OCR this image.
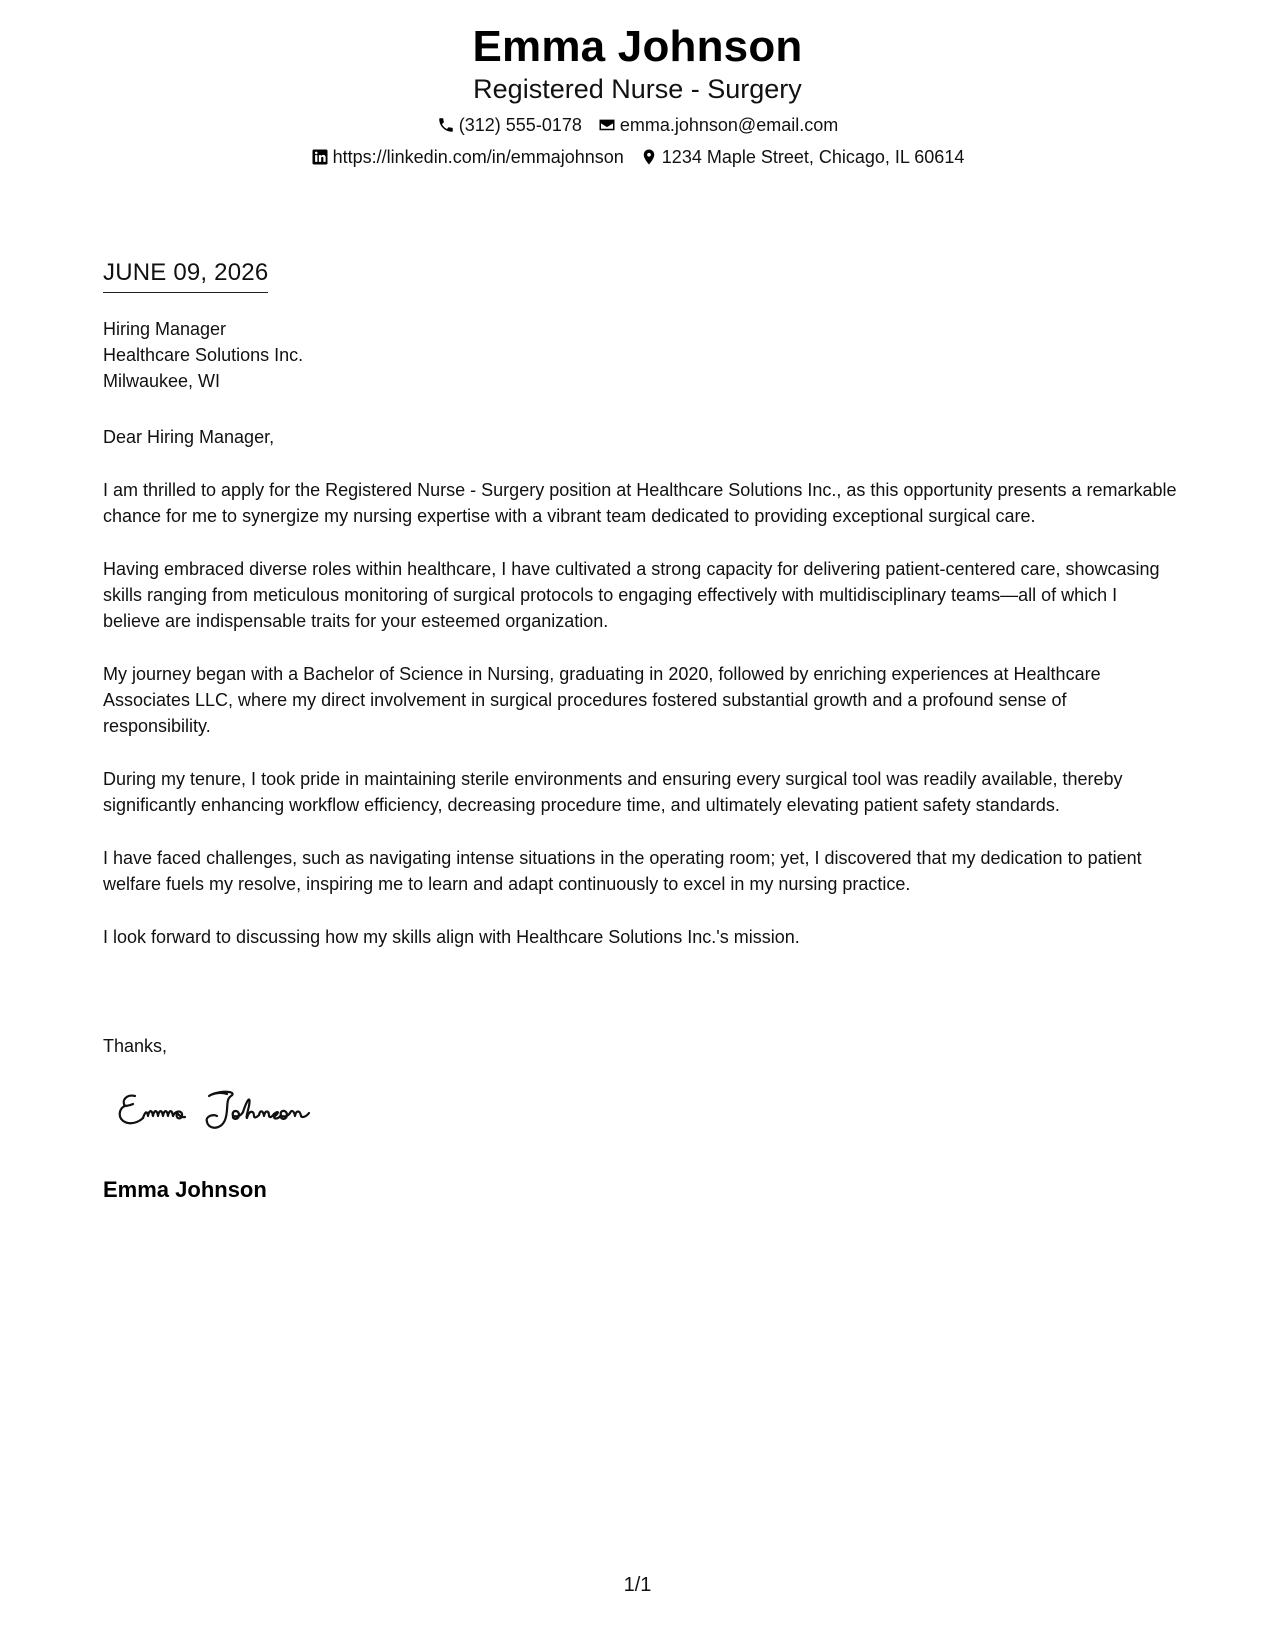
Emma Johnson
Registered Nurse - Surgery
(312) 555-0178 emma.johnson@email.com
https://linkedin.com/in/emmajohnson 1234 Maple Street, Chicago, IL 60614
JUNE 09, 2026
Hiring Manager
Healthcare Solutions Inc.
Milwaukee, WI

Dear Hiring Manager,

I am thrilled to apply for the Registered Nurse - Surgery position at Healthcare Solutions Inc., as this opportunity presents a remarkable chance for me to synergize my nursing expertise with a vibrant team dedicated to providing exceptional surgical care.

Having embraced diverse roles within healthcare, I have cultivated a strong capacity for delivering patient-centered care, showcasing skills ranging from meticulous monitoring of surgical protocols to engaging effectively with multidisciplinary teams—all of which I believe are indispensable traits for your esteemed organization.

My journey began with a Bachelor of Science in Nursing, graduating in 2020, followed by enriching experiences at Healthcare Associates LLC, where my direct involvement in surgical procedures fostered substantial growth and a profound sense of responsibility.

During my tenure, I took pride in maintaining sterile environments and ensuring every surgical tool was readily available, thereby significantly enhancing workflow efficiency, decreasing procedure time, and ultimately elevating patient safety standards.

I have faced challenges, such as navigating intense situations in the operating room; yet, I discovered that my dedication to patient welfare fuels my resolve, inspiring me to learn and adapt continuously to excel in my nursing practice.

I look forward to discussing how my skills align with Healthcare Solutions Inc.'s mission.

Thanks,
Emma Johnson
1/1
